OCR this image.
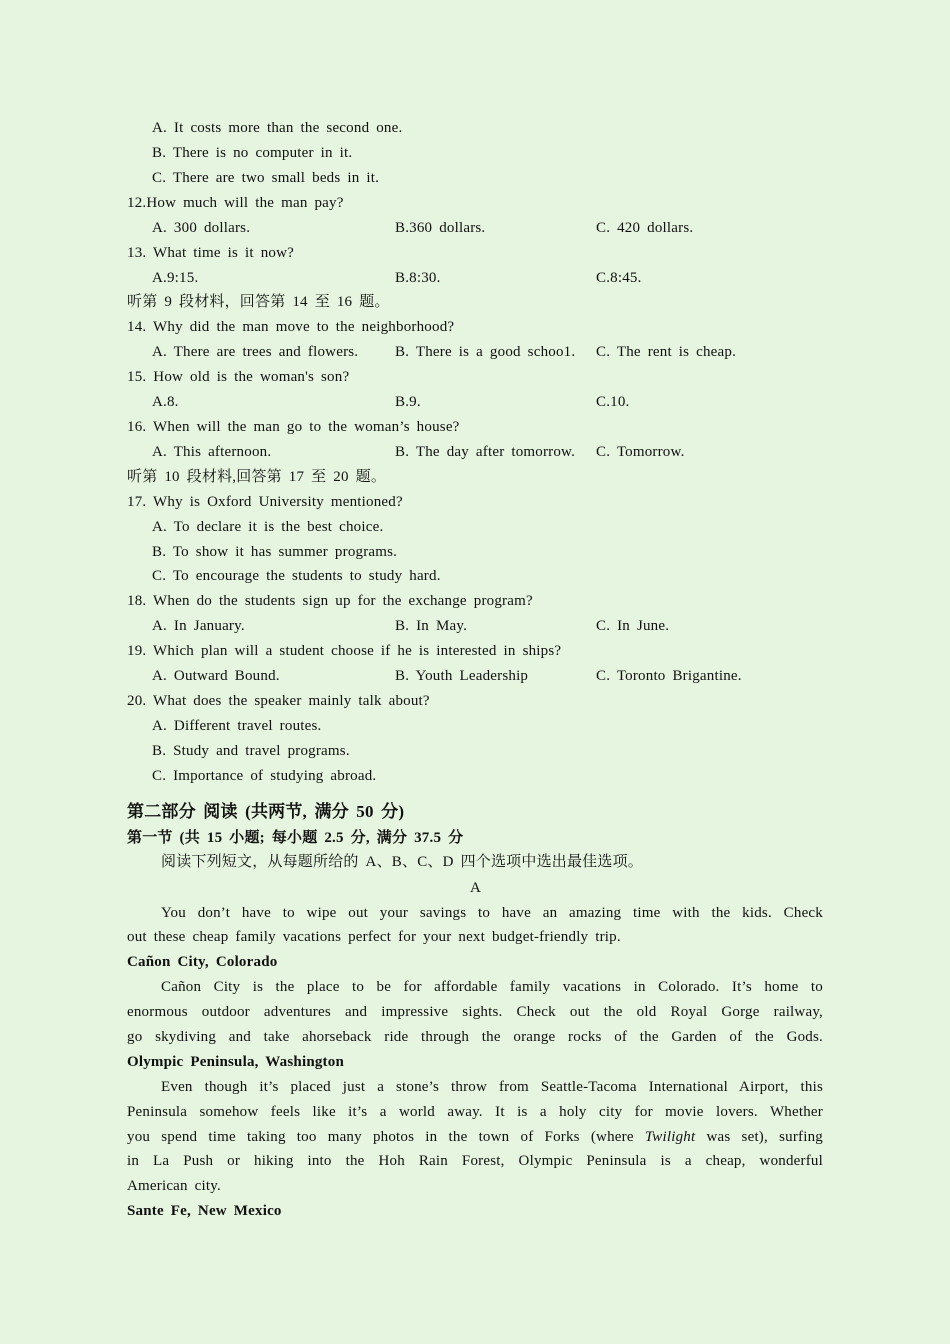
A. It costs more than the second one.
B. There is no computer in it.
C. There are two small beds in it.
12.How much will the man pay?
A. 300 dollars.	B.360 dollars.	C. 420 dollars.
13. What time is it now?
A.9:15.	B.8:30.	C.8:45.
听第 9 段材料，回答第 14 至 16 题。
14. Why did the man move to the neighborhood?
A. There are trees and flowers. B. There is a good schoo1. C. The rent is cheap.
15. How old is the woman's son?
A.8.	B.9.	C.10.
16. When will the man go to the woman’s house?
A. This afternoon.	B. The day after tomorrow. C. Tomorrow.
听第 10 段材料,回答第 17 至 20 题。
17. Why is Oxford University mentioned?
A. To declare it is the best choice.
B. To show it has summer programs.
C. To encourage the students to study hard.
18. When do the students sign up for the exchange program?
A. In January.	B. In May.	C. In June.
19. Which plan will a student choose if he is interested in ships?
A. Outward Bound.	B. Youth Leadership	C. Toronto Brigantine.
20. What does the speaker mainly talk about?
A. Different travel routes.
B. Study and travel programs.
C. Importance of studying abroad.
第二部分 阅读 (共两节, 满分 50 分)
第一节 (共 15 小题; 每小题 2.5 分, 满分 37.5 分
阅读下列短文，从每题所给的 A、B、C、D 四个选项中选出最佳选项。
A
You don’t have to wipe out your savings to have an amazing time with the kids. Check
out these cheap family vacations perfect for your next budget-friendly trip.
Cañon City, Colorado
Cañon City is the place to be for affordable family vacations in Colorado. It’s home to
enormous outdoor adventures and impressive sights. Check out the old Royal Gorge railway,
go skydiving and take ahorseback ride through the orange rocks of the Garden of the Gods.
Olympic Peninsula, Washington
Even though it’s placed just a stone’s throw from Seattle-Tacoma International Airport, this
Peninsula somehow feels like it’s a world away. It is a holy city for movie lovers. Whether
you spend time taking too many photos in the town of Forks (where Twilight was set), surfing
in La Push or hiking into the Hoh Rain Forest, Olympic Peninsula is a cheap, wonderful
American city.
Sante Fe, New Mexico
